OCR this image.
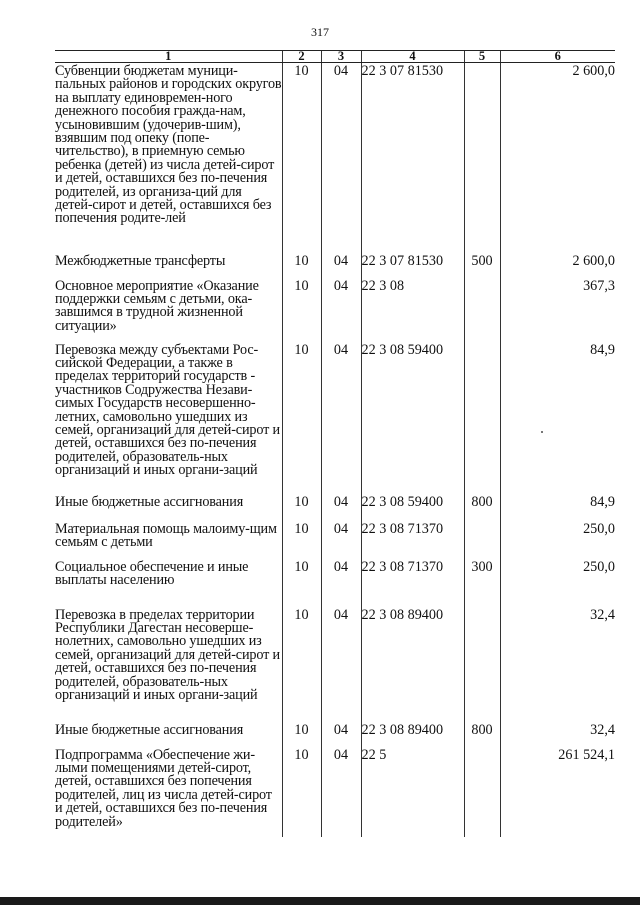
317
1	2	3	4	5	6

Субвенции бюджетам муници-пальных районов и городских округов на выплату единовремен-ного денежного пособия гражда-нам, усыновившим (удочерив-шим), взявшим под опеку (попе-чительство), в приемную семью ребенка (детей) из числа детей-сирот и детей, оставшихся без по-печения родителей, из организа-ций для детей-сирот и детей, оставшихся без попечения родите-лей	10	04	22 3 07 81530		2 600,0

Межбюджетные трансферты	10	04	22 3 07 81530	500	2 600,0

Основное мероприятие «Оказание поддержки семьям с детьми, ока-завшимся в трудной жизненной ситуации»	10	04	22 3 08		367,3

Перевозка между субъектами Рос-сийской Федерации, а также в пределах территорий государств - участников Содружества Незави-симых Государств несовершенно-летних, самовольно ушедших из семей, организаций для детей-сирот и детей, оставшихся без по-печения родителей, образователь-ных организаций и иных органи-заций	10	04	22 3 08 59400		84,9

Иные бюджетные ассигнования	10	04	22 3 08 59400	800	84,9

Материальная помощь малоиму-щим семьям с детьми	10	04	22 3 08 71370		250,0

Социальное обеспечение и иные выплаты населению	10	04	22 3 08 71370	300	250,0

Перевозка в пределах территории Республики Дагестан несоверше-нолетних, самовольно ушедших из семей, организаций для детей-сирот и детей, оставшихся без по-печения родителей, образователь-ных организаций и иных органи-заций	10	04	22 3 08 89400		32,4

Иные бюджетные ассигнования	10	04	22 3 08 89400	800	32,4

Подпрограмма «Обеспечение жи-лыми помещениями детей-сирот, детей, оставшихся без попечения родителей, лиц из числа детей-сирот и детей, оставшихся без по-печения родителей»	10	04	22 5		261 524,1
